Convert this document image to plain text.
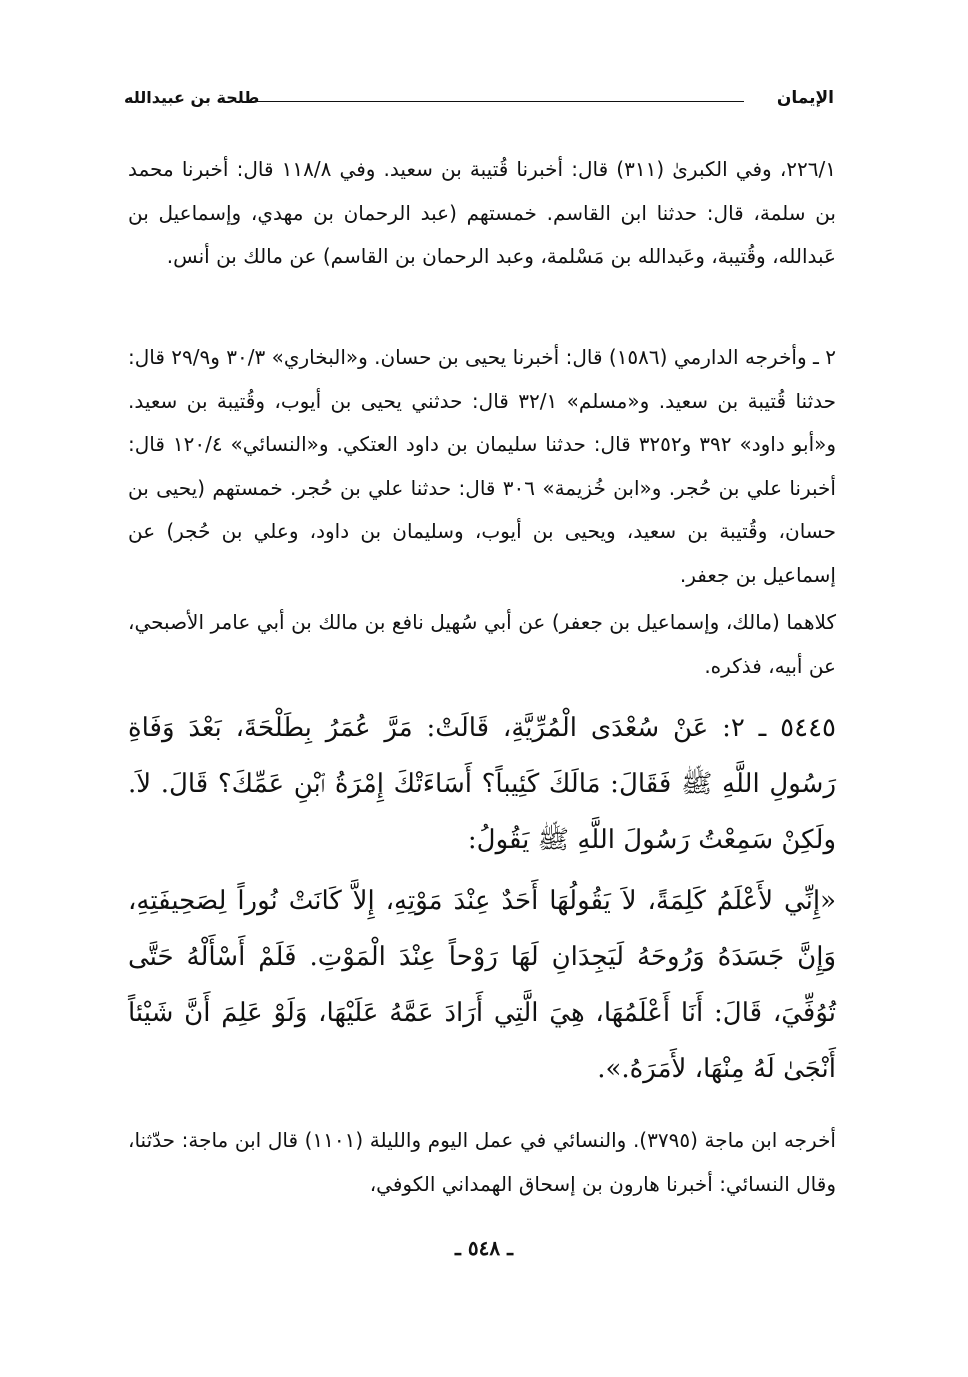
الإيمان
طلحة بن عبيدالله
٢٢٦/١، وفي الكبرىٰ (٣١١) قال: أخبرنا قُتيبة بن سعيد. وفي ١١٨/٨ قال: أخبرنا محمد بن سلمة، قال: حدثنا ابن القاسم. خمستهم (عبد الرحمان بن مهدي، وإسماعيل بن عَبدالله، وقُتيبة، وعَبدالله بن مَسْلمة، وعبد الرحمان بن القاسم) عن مالك بن أنس.
٢ ـ وأخرجه الدارمي (١٥٨٦) قال: أخبرنا يحيى بن حسان. و«البخاري» ٣٠/٣ و٢٩/٩ قال: حدثنا قُتيبة بن سعيد. و«مسلم» ٣٢/١ قال: حدثني يحيى بن أيوب، وقُتيبة بن سعيد. و«أبو داود» ٣٩٢ و٣٢٥٢ قال: حدثنا سليمان بن داود العتكي. و«النسائي» ١٢٠/٤ قال: أخبرنا علي بن حُجر. و«ابن خُزيمة» ٣٠٦ قال: حدثنا علي بن حُجر. خمستهم (يحيى بن حسان، وقُتيبة بن سعيد، ويحيى بن أيوب، وسليمان بن داود، وعلي بن حُجر) عن إسماعيل بن جعفر.
كلاهما (مالك، وإسماعيل بن جعفر) عن أبي سُهيل نافع بن مالك بن أبي عامر الأصبحي، عن أبيه، فذكره.
٥٤٤٥ ـ ٢: عَنْ سُعْدَى الْمُرِّيَّةِ، قَالَتْ: مَرَّ عُمَرُ بِطَلْحَةَ، بَعْدَ وَفَاةِ رَسُولِ اللَّهِ ﷺ فَقَالَ: مَالَكَ كَئِيباً؟ أَسَاءَتْكَ إِمْرَةُ ٱبْنِ عَمِّكَ؟ قَالَ. لاَ. ولَكِنْ سَمِعْتُ رَسُولَ اللَّهِ ﷺ يَقُولُ:
«إِنِّي لأَعْلَمُ كَلِمَةً، لاَ يَقُولُهَا أَحَدٌ عِنْدَ مَوْتِهِ، إِلاَّ كَانَتْ نُوراً لِصَحِيفَتِهِ، وَإِنَّ جَسَدَهُ وَرُوحَهُ لَيَجِدَانِ لَهَا رَوْحاً عِنْدَ الْمَوْتِ. فَلَمْ أَسْأَلْهُ حَتَّى تُوُفِّيَ، قَالَ: أَنَا أَعْلَمُهَا، هِيَ الَّتِي أَرَادَ عَمَّهُ عَلَيْهَا، وَلَوْ عَلِمَ أَنَّ شَيْئاً أَنْجَىٰ لَهُ مِنْهَا، لأَمَرَهُ.».
أخرجه ابن ماجة (٣٧٩٥). والنسائي في عمل اليوم والليلة (١١٠١) قال ابن ماجة: حدّثنا، وقال النسائي: أخبرنا هارون بن إسحاق الهمداني الكوفي،
ـ ٥٤٨ ـ
